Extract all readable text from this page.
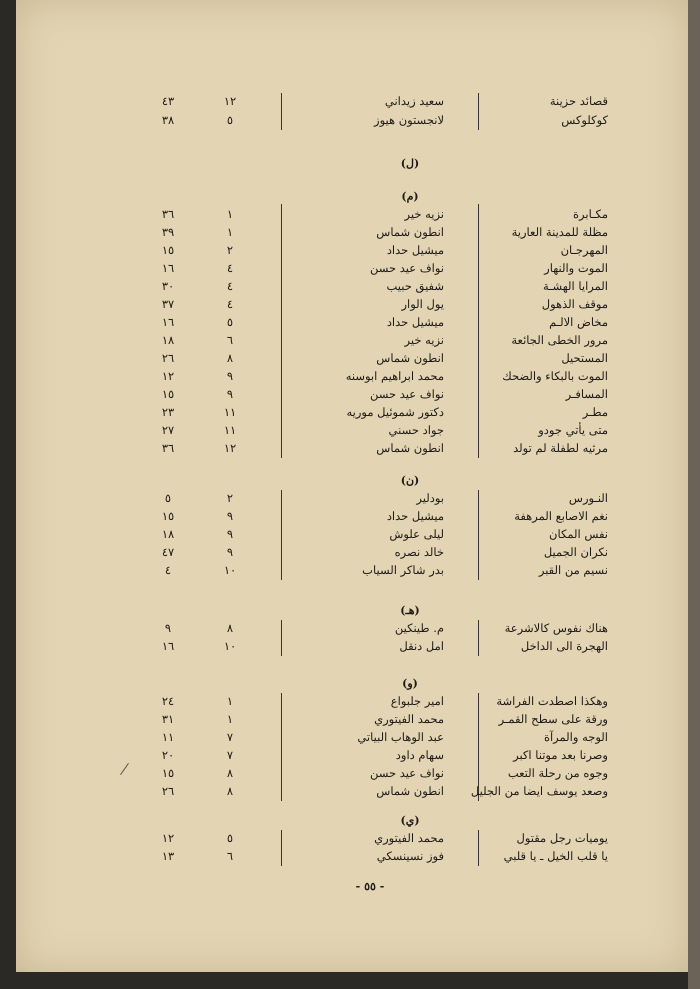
قصائد حزينة
سعيد زيداني
١٢
٤٣
كوكلوكس
لانجستون هيوز
٥
٣٨
(ل)
(م)
مكـابرة
نزيه خير
١
٣٦
مظلة للمدينة العارية
انطون شماس
١
٣٩
المهرجـان
ميشيل حداد
٢
١٥
الموت والنهار
نواف عيد حسن
٤
١٦
المرايا الهشـة
شفيق حبيب
٤
٣٠
موقف الذهول
يول الوار
٤
٣٧
مخاض الالـم
ميشيل حداد
٥
١٦
مرور الخطى الجائعة
نزيه خير
٦
١٨
المستحيل
انطون شماس
٨
٢٦
الموت بالبكاء والضحك
محمد ابراهيم ابوسنه
٩
١٢
المسافـر
نواف عيد حسن
٩
١٥
مطـر
دكتور شموئيل موريه
١١
٢٣
متى يأتي جودو
جواد حسني
١١
٢٧
مرثيه لطفلة لم تولد
انطون شماس
١٢
٣٦
(ن)
النـورس
بودلير
٢
٥
نغم الاصابع المرهفة
ميشيل حداد
٩
١٥
نفس المكان
ليلى علوش
٩
١٨
نكران الجميل
خالد نصره
٩
٤٧
نسيم من القبر
بدر شاكر السياب
١٠
٤
(هـ)
هناك نفوس كالاشرعة
م. طينكين
٨
٩
الهجرة الى الداخل
امل دنقل
١٠
١٦
(و)
وهكذا اصطدت الفراشة
امير جلبواع
١
٢٤
ورقة على سطح القمـر
محمد الفيتوري
١
٣١
الوجه والمرآة
عبد الوهاب البياتي
٧
١١
وصرنا بعد موتنا اكبر
سهام داود
٧
٢٠
وجوه من رحلة التعب
نواف عيد حسن
٨
١٥
وصعد يوسف ايضا من الجليل
انطون شماس
٨
٢٦
(ي)
يوميات رجل مقتول
محمد الفيتوري
٥
١٢
يا قلب الخيل ـ يا قلبي
فوز نسينسكي
٦
١٣
- ٥٥ -
